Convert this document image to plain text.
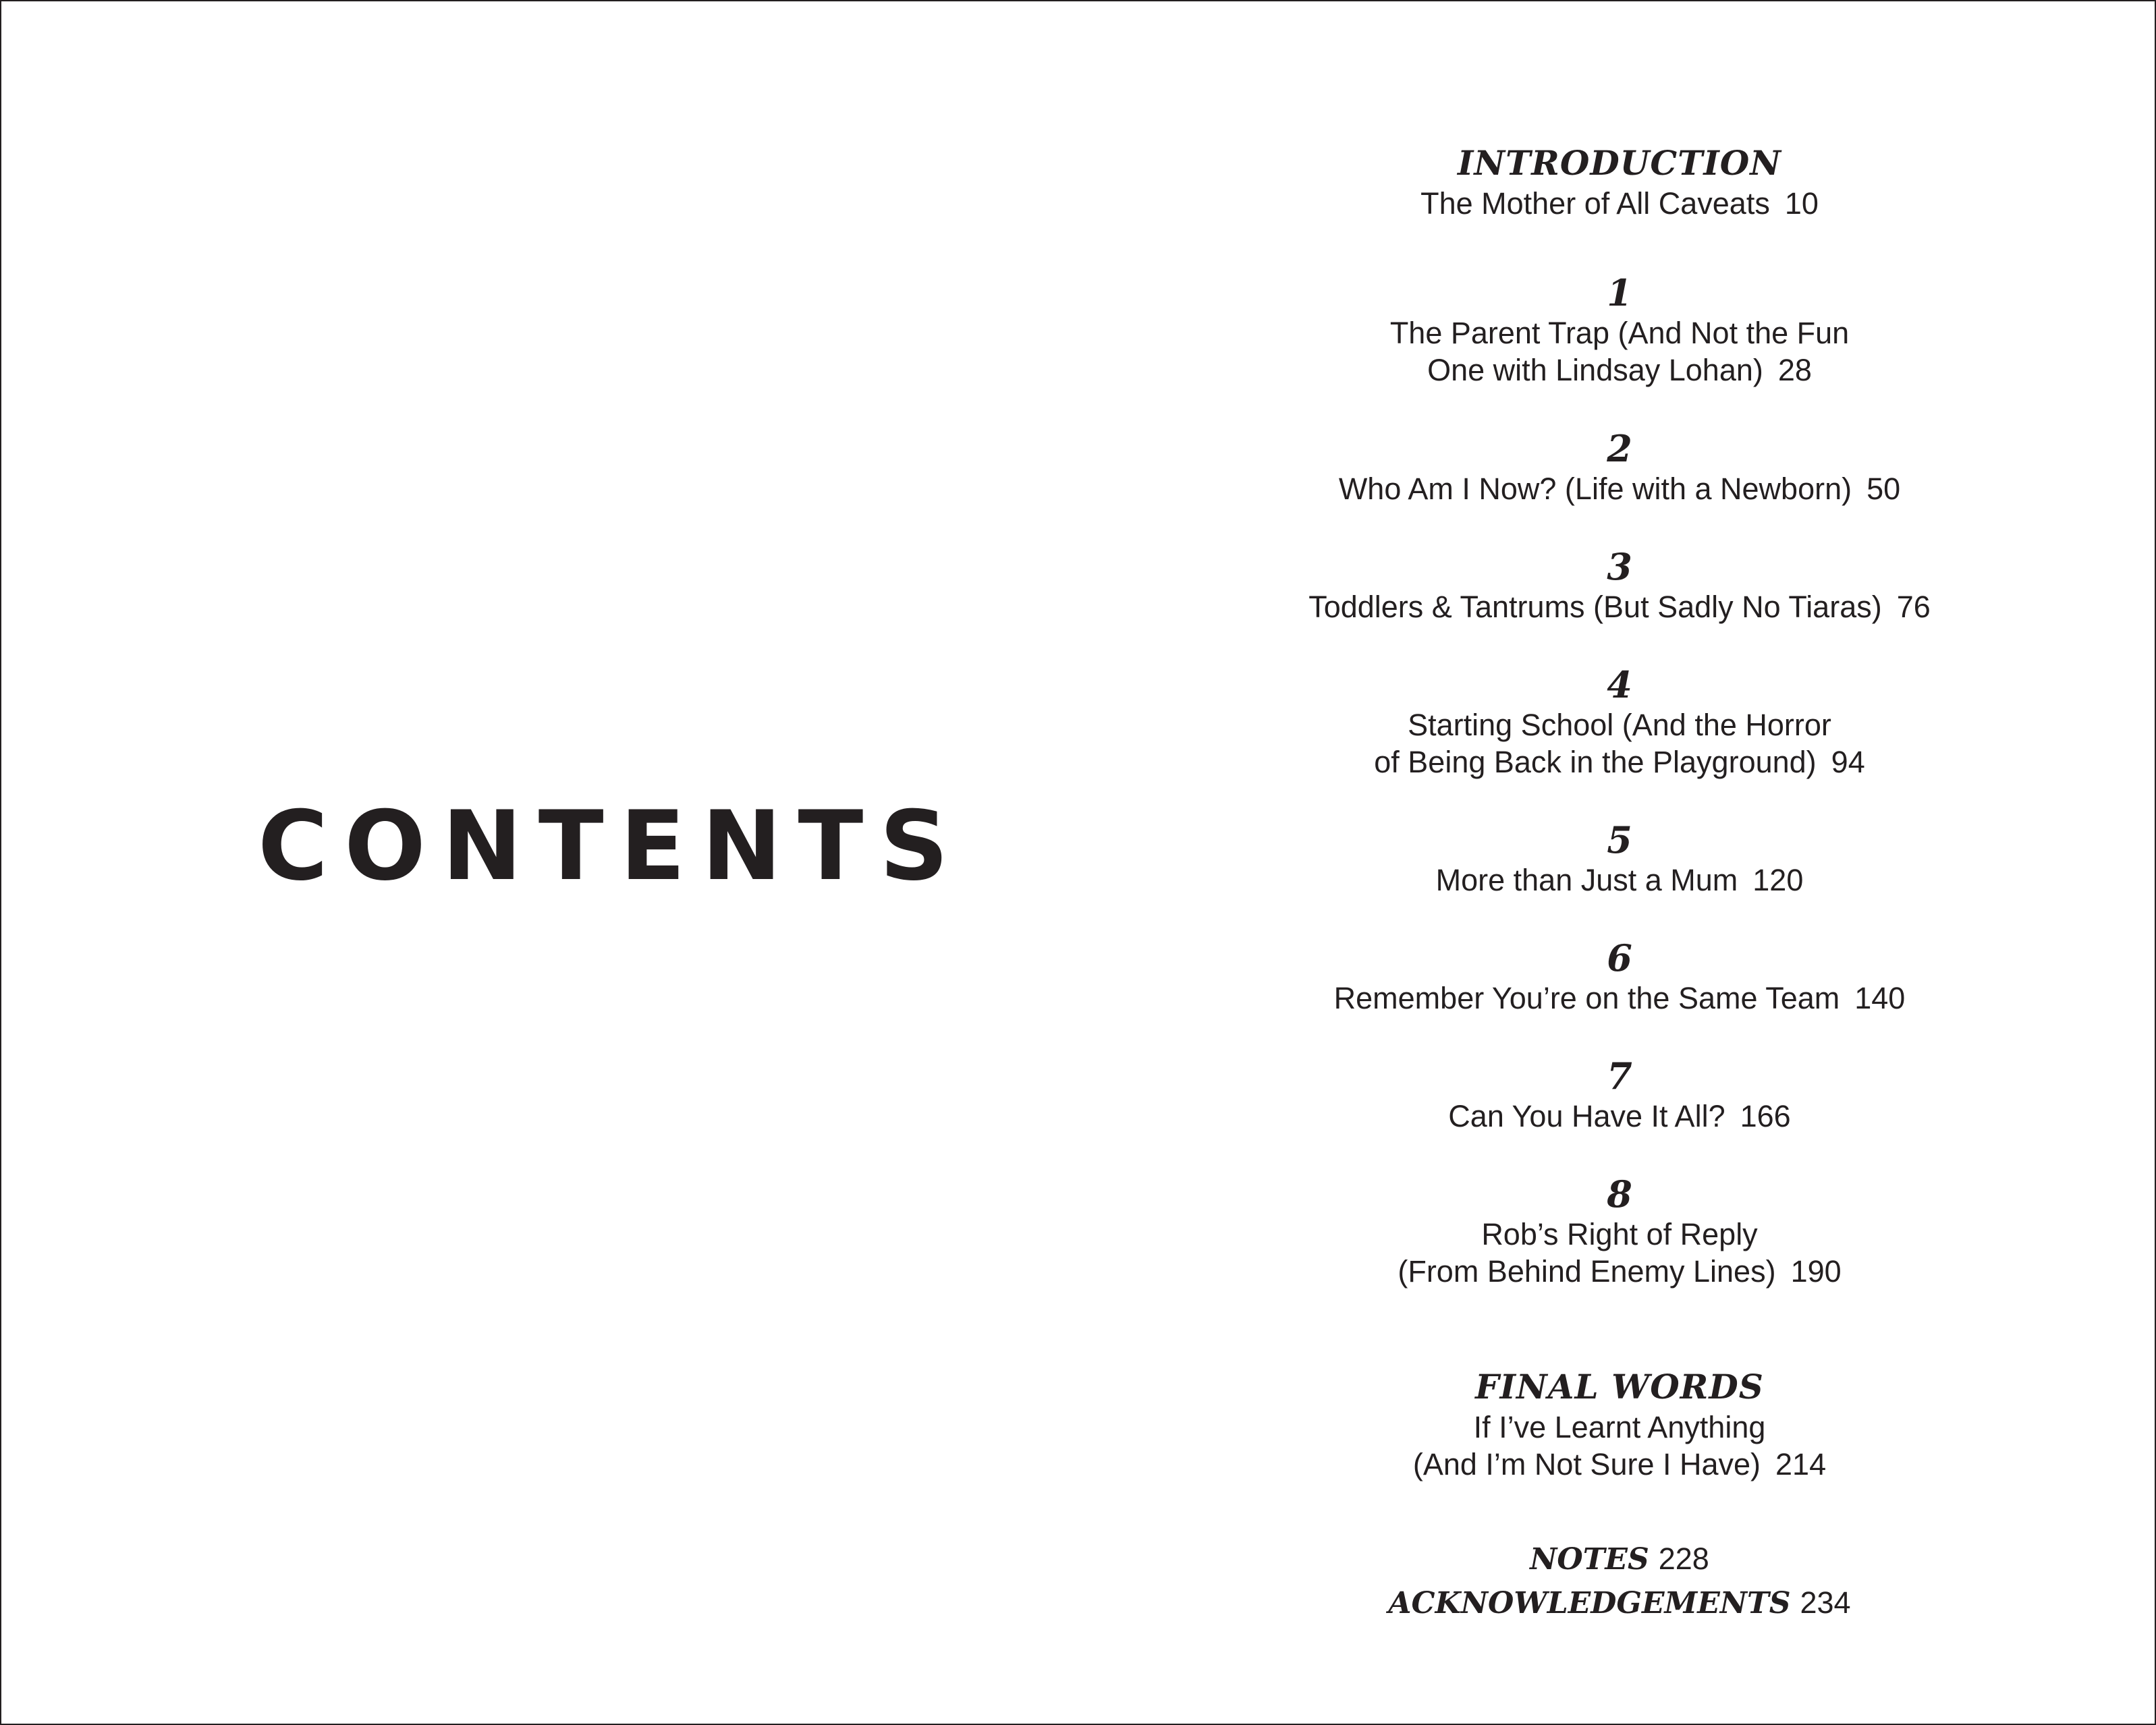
CONTENTS
INTRODUCTION
The Mother of All Caveats 10
1
The Parent Trap (And Not the Fun
One with Lindsay Lohan) 28
2
Who Am I Now? (Life with a Newborn) 50
3
Toddlers & Tantrums (But Sadly No Tiaras) 76
4
Starting School (And the Horror
of Being Back in the Playground) 94
5
More than Just a Mum 120
6
Remember You’re on the Same Team 140
7
Can You Have It All? 166
8
Rob’s Right of Reply
(From Behind Enemy Lines) 190
FINAL WORDS
If I’ve Learnt Anything
(And I’m Not Sure I Have) 214
NOTES 228
ACKNOWLEDGEMENTS 234
